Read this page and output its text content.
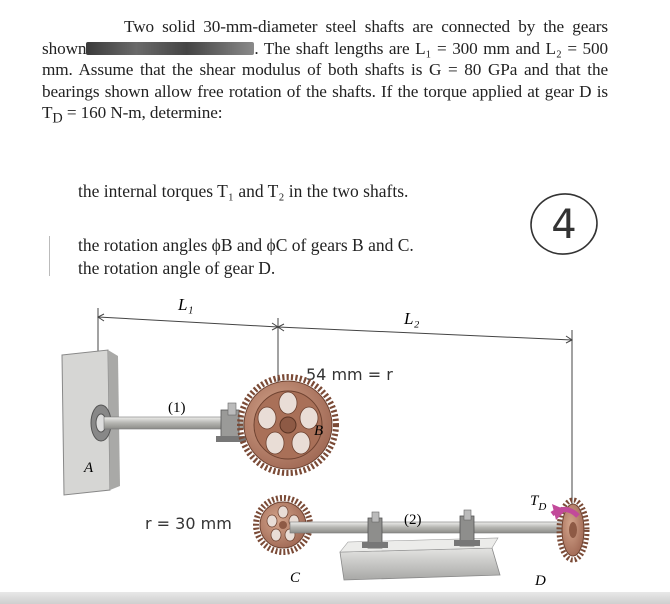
Two solid 30-mm-diameter steel shafts are connected by the gears shown	. The shaft lengths are L₁ = 300 mm and L₂ = 500 mm. Assume that the shear modulus of both shafts is G = 80 GPa and that the bearings shown allow free rotation of the shafts. If the torque applied at gear D is $T_D = 160$ N-m, determine:

the internal torques T₁ and T₂ in the two shafts.
the rotation angles ϕB and ϕC of gears B and C.
the rotation angle of gear D.
4
54 mm = r
r = 30 mm
L₁
L₂
A
(1)
B
C
(2)
$T_D$
D
